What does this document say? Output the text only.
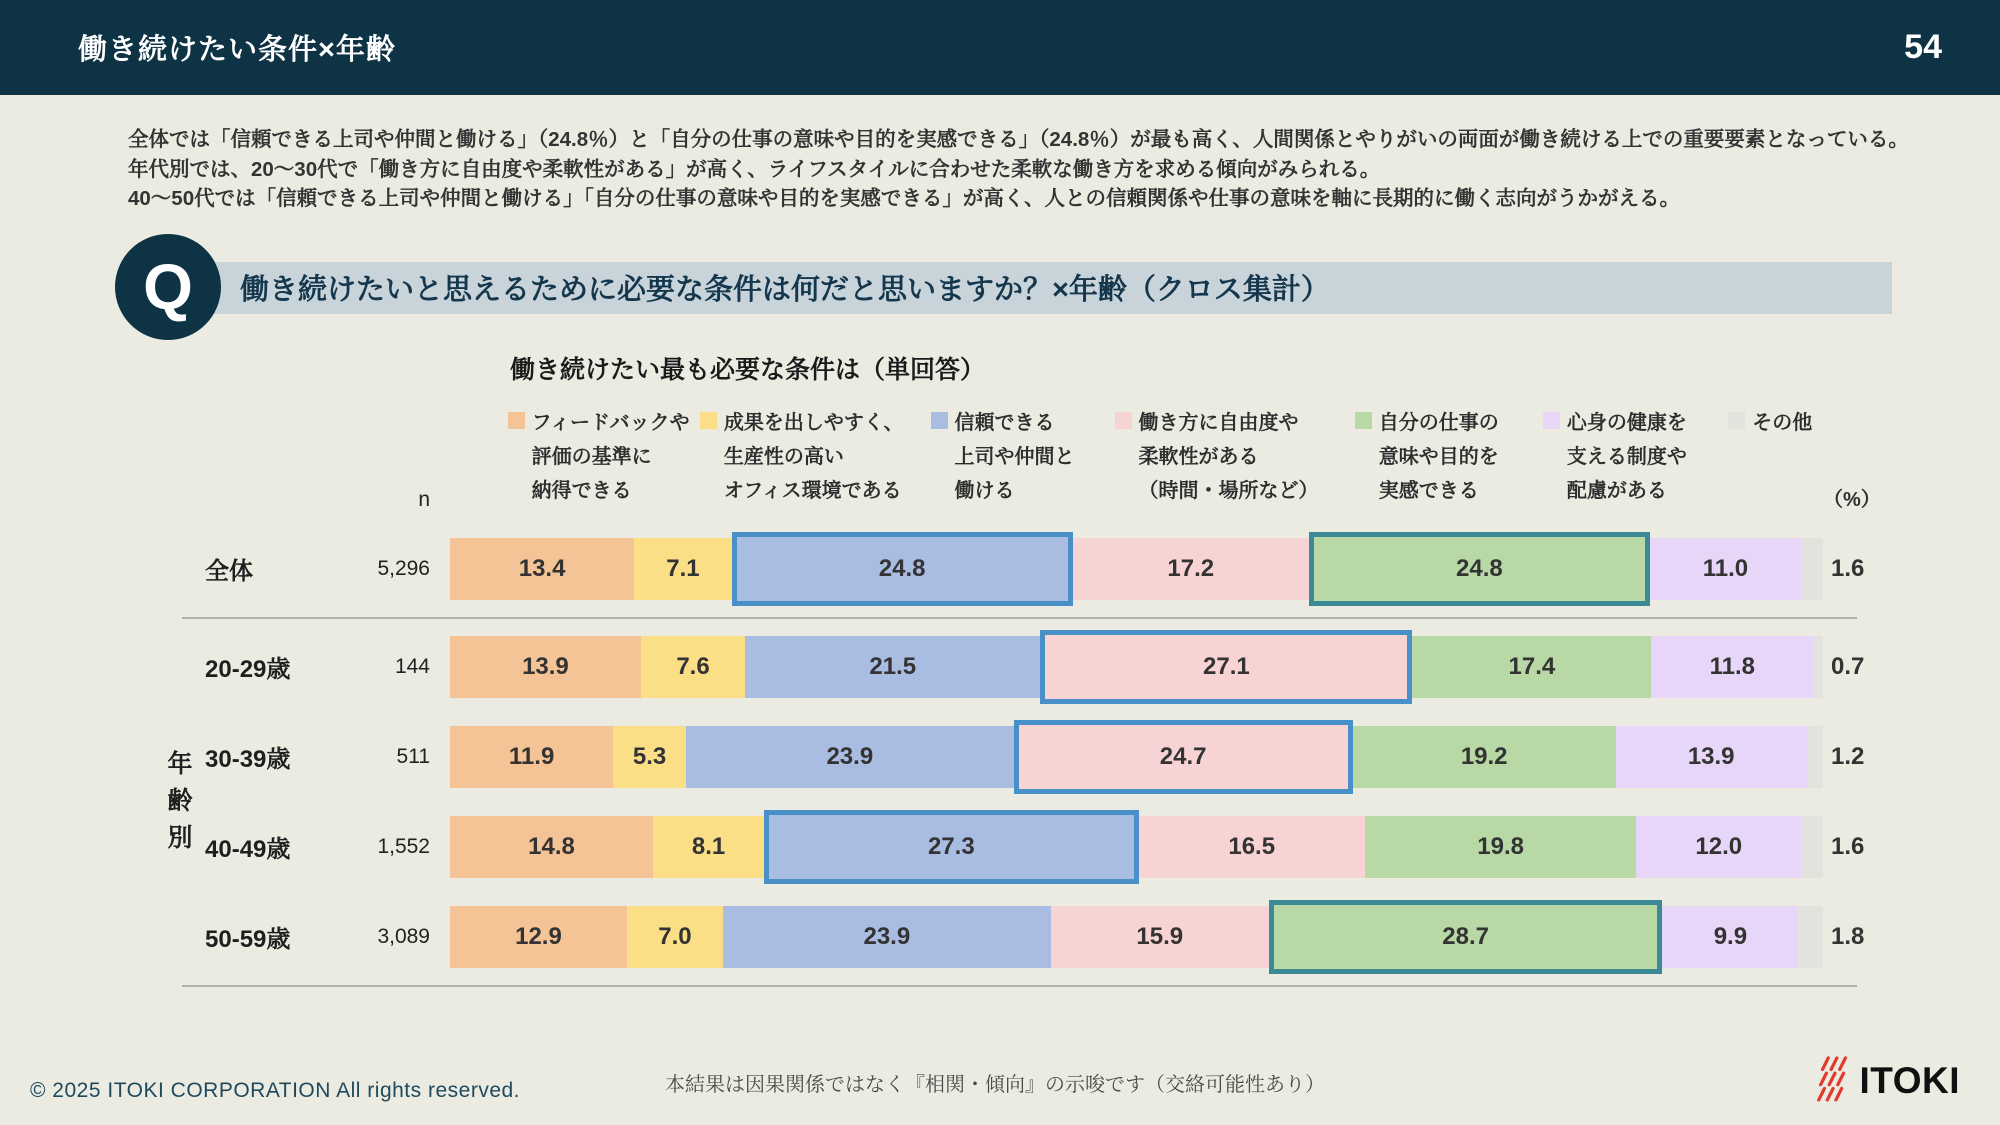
働き続けたい条件×年齢	54

全体では「信頼できる上司や仲間と働ける」（24.8％）と「自分の仕事の意味や目的を実感できる」（24.8％）が最も高く、人間関係とやりがいの両面が働き続ける上での重要要素となっている。

年代別では、20〜30代で「働き方に自由度や柔軟性がある」が高く、ライフスタイルに合わせた柔軟な働き方を求める傾向がみられる。

40〜50代では「信頼できる上司や仲間と働ける」「自分の仕事の意味や目的を実感できる」が高く、人との信頼関係や仕事の意味を軸に長期的に働く志向がうかがえる。

Q	働き続けたいと思えるために必要な条件は何だと思いますか？×年齢（クロス集計）
働き続けたい最も必要な条件は（単回答）
n
フィードバックや
評価の基準に
納得できる
成果を出しやすく、
生産性の高い
オフィス環境である
信頼できる
上司や仲間と
働ける
働き方に自由度や
柔軟性がある
（時間・場所など）
自分の仕事の
意味や目的を
実感できる
心身の健康を
支える制度や
配慮がある
その他
（%）
年齢別
全体	5,296	13.4	7.1	24.8	17.2	24.8	11.0	1.6
20-29歳	144	13.9	7.6	21.5	27.1	17.4	11.8	0.7
30-39歳	511	11.9	5.3	23.9	24.7	19.2	13.9	1.2
40-49歳	1,552	14.8	8.1	27.3	16.5	19.8	12.0	1.6
50-59歳	3,089	12.9	7.0	23.9	15.9	28.7	9.9	1.8
© 2025 ITOKI CORPORATION All rights reserved.	本結果は因果関係ではなく『相関・傾向』の示唆です（交絡可能性あり）	ITOKI
